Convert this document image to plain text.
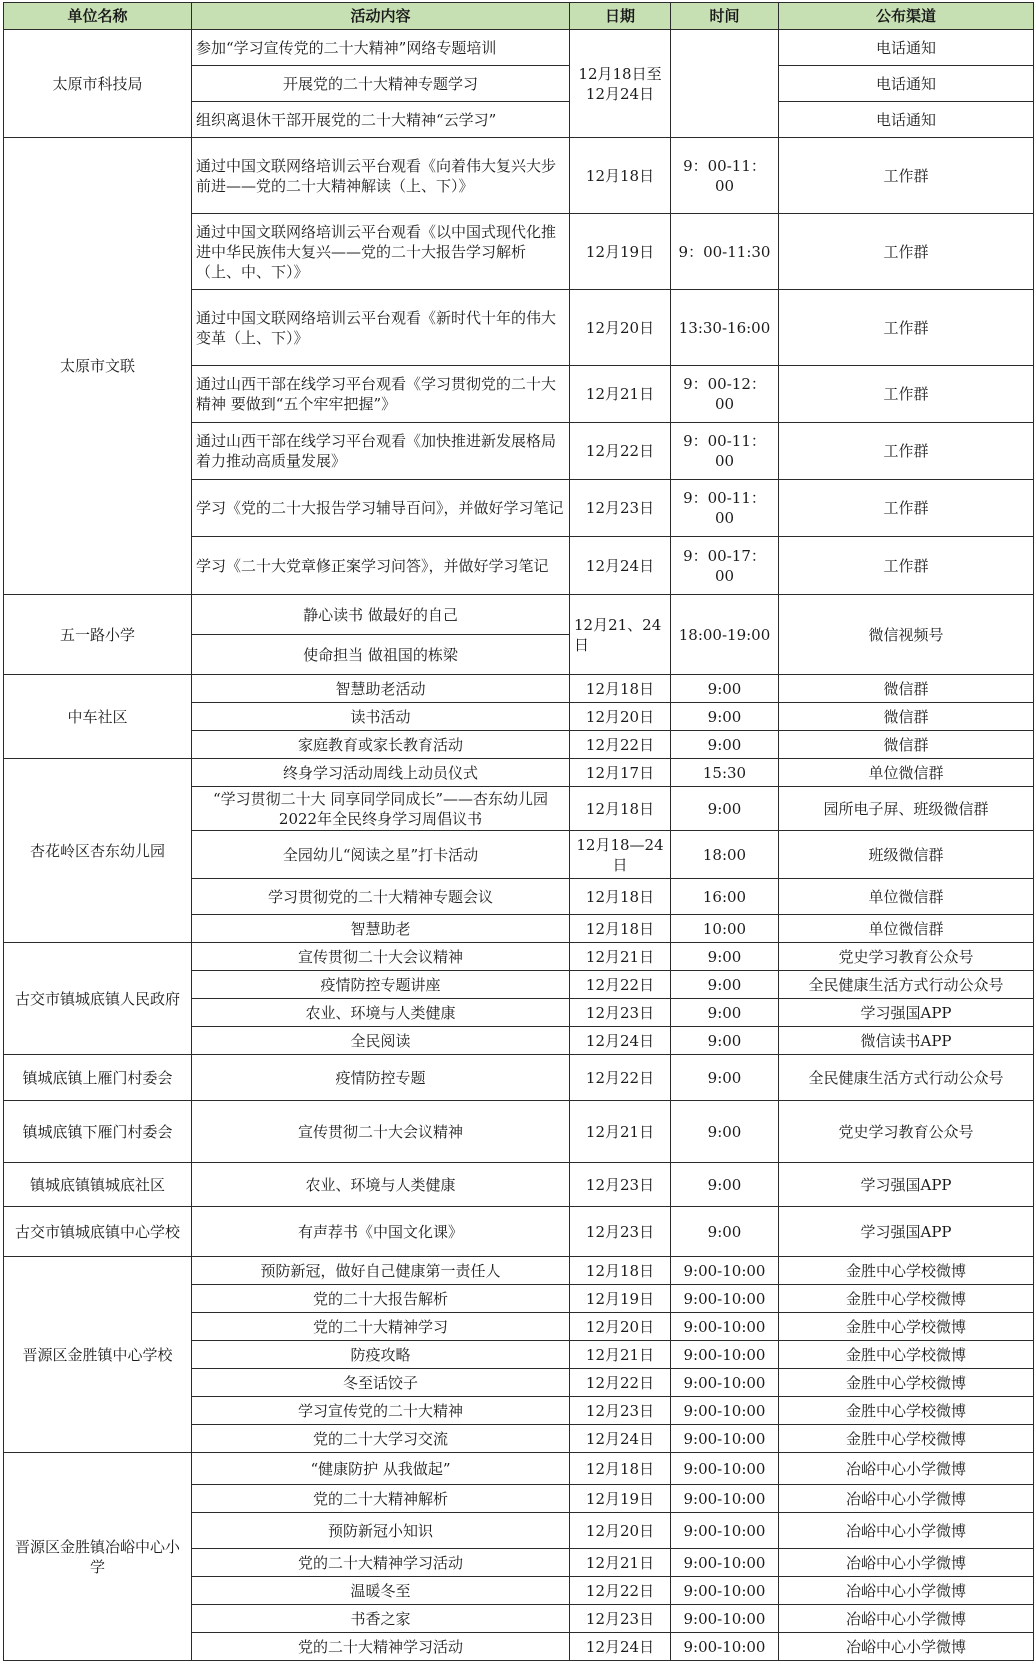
单位名称	活动内容	日期	时间	公布渠道
太原市科技局	参加“学习宣传党的二十大精神”网络专题培训	12月18日至12月24日		电话通知
	开展党的二十大精神专题学习			电话通知
	组织离退休干部开展党的二十大精神“云学习”			电话通知
太原市文联	通过中国文联网络培训云平台观看《向着伟大复兴大步前进——党的二十大精神解读（上、下）》	12月18日	9：00-11：00	工作群
	通过中国文联网络培训云平台观看《以中国式现代化推进中华民族伟大复兴——党的二十大报告学习解析（上、中、下）》	12月19日	9：00-11:30	工作群
	通过中国文联网络培训云平台观看《新时代十年的伟大变革（上、下）》	12月20日	13:30-16:00	工作群
	通过山西干部在线学习平台观看《学习贯彻党的二十大精神 要做到“五个牢牢把握”》	12月21日	9：00-12：00	工作群
	通过山西干部在线学习平台观看《加快推进新发展格局 着力推动高质量发展》	12月22日	9：00-11：00	工作群
	学习《党的二十大报告学习辅导百问》，并做好学习笔记	12月23日	9：00-11：00	工作群
	学习《二十大党章修正案学习问答》，并做好学习笔记	12月24日	9：00-17：00	工作群
五一路小学	静心读书 做最好的自己	12月21、24日	18:00-19:00	微信视频号
	使命担当 做祖国的栋梁			
中车社区	智慧助老活动	12月18日	9:00	微信群
	读书活动	12月20日	9:00	微信群
	家庭教育或家长教育活动	12月22日	9:00	微信群
杏花岭区杏东幼儿园	终身学习活动周线上动员仪式	12月17日	15:30	单位微信群
	“学习贯彻二十大 同享同学同成长”——杏东幼儿园2022年全民终身学习周倡议书	12月18日	9:00	园所电子屏、班级微信群
	全园幼儿“阅读之星”打卡活动	12月18—24日	18:00	班级微信群
	学习贯彻党的二十大精神专题会议	12月18日	16:00	单位微信群
	智慧助老	12月18日	10:00	单位微信群
古交市镇城底镇人民政府	宣传贯彻二十大会议精神	12月21日	9:00	党史学习教育公众号
	疫情防控专题讲座	12月22日	9:00	全民健康生活方式行动公众号
	农业、环境与人类健康	12月23日	9:00	学习强国APP
	全民阅读	12月24日	9:00	微信读书APP
镇城底镇上雁门村委会	疫情防控专题	12月22日	9:00	全民健康生活方式行动公众号
镇城底镇下雁门村委会	宣传贯彻二十大会议精神	12月21日	9:00	党史学习教育公众号
镇城底镇镇城底社区	农业、环境与人类健康	12月23日	9:00	学习强国APP
古交市镇城底镇中心学校	有声荐书《中国文化课》	12月23日	9:00	学习强国APP
晋源区金胜镇中心学校	预防新冠，做好自己健康第一责任人	12月18日	9:00-10:00	金胜中心学校微博
	党的二十大报告解析	12月19日	9:00-10:00	金胜中心学校微博
	党的二十大精神学习	12月20日	9:00-10:00	金胜中心学校微博
	防疫攻略	12月21日	9:00-10:00	金胜中心学校微博
	冬至话饺子	12月22日	9:00-10:00	金胜中心学校微博
	学习宣传党的二十大精神	12月23日	9:00-10:00	金胜中心学校微博
	党的二十大学习交流	12月24日	9:00-10:00	金胜中心学校微博
晋源区金胜镇冶峪中心小学	“健康防护 从我做起”	12月18日	9:00-10:00	冶峪中心小学微博
	党的二十大精神解析	12月19日	9:00-10:00	冶峪中心小学微博
	预防新冠小知识	12月20日	9:00-10:00	冶峪中心小学微博
	党的二十大精神学习活动	12月21日	9:00-10:00	冶峪中心小学微博
	温暖冬至	12月22日	9:00-10:00	冶峪中心小学微博
	书香之家	12月23日	9:00-10:00	冶峪中心小学微博
	党的二十大精神学习活动	12月24日	9:00-10:00	冶峪中心小学微博
